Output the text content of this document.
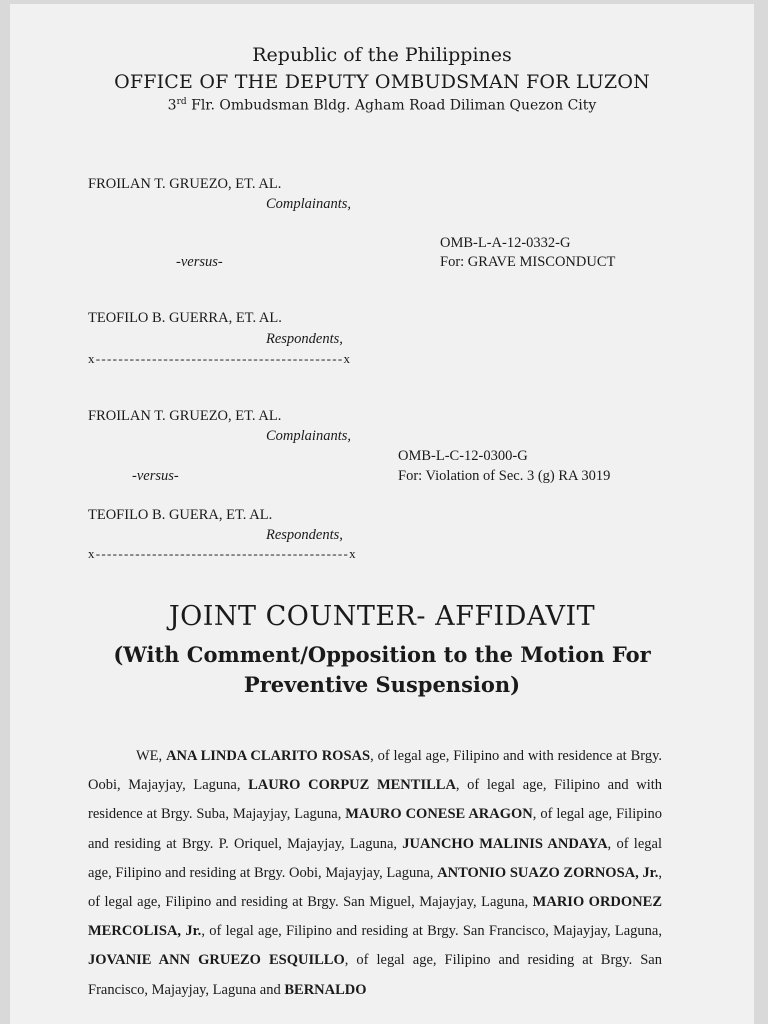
Republic of the Philippines
OFFICE OF THE DEPUTY OMBUDSMAN FOR LUZON
3rd Flr. Ombudsman Bldg. Agham Road Diliman Quezon City
FROILAN T. GRUEZO, ET. AL.
Complainants,
OMB-L-A-12-0332-G
-versus-	For: GRAVE MISCONDUCT
TEOFILO B. GUERRA, ET. AL.
Respondents,
x--------------------------------------------x
FROILAN T. GRUEZO, ET. AL.
Complainants,
OMB-L-C-12-0300-G
-versus-	For: Violation of Sec. 3 (g) RA 3019
TEOFILO B. GUERA, ET. AL.
Respondents,
x---------------------------------------------x
JOINT COUNTER- AFFIDAVIT
(With Comment/Opposition to the Motion For Preventive Suspension)
WE, ANA LINDA CLARITO ROSAS, of legal age, Filipino and with residence at Brgy. Oobi, Majayjay, Laguna, LAURO CORPUZ MENTILLA, of legal age, Filipino and with residence at Brgy. Suba, Majayjay, Laguna, MAURO CONESE ARAGON, of legal age, Filipino and residing at Brgy. P. Oriquel, Majayjay, Laguna, JUANCHO MALINIS ANDAYA, of legal age, Filipino and residing at Brgy. Oobi, Majayjay, Laguna, ANTONIO SUAZO ZORNOSA, Jr., of legal age, Filipino and residing at Brgy. San Miguel, Majayjay, Laguna, MARIO ORDONEZ MERCOLISA, Jr., of legal age, Filipino and residing at Brgy. San Francisco, Majayjay, Laguna, JOVANIE ANN GRUEZO ESQUILLO, of legal age, Filipino and residing at Brgy. San Francisco, Majayjay, Laguna and BERNALDO
